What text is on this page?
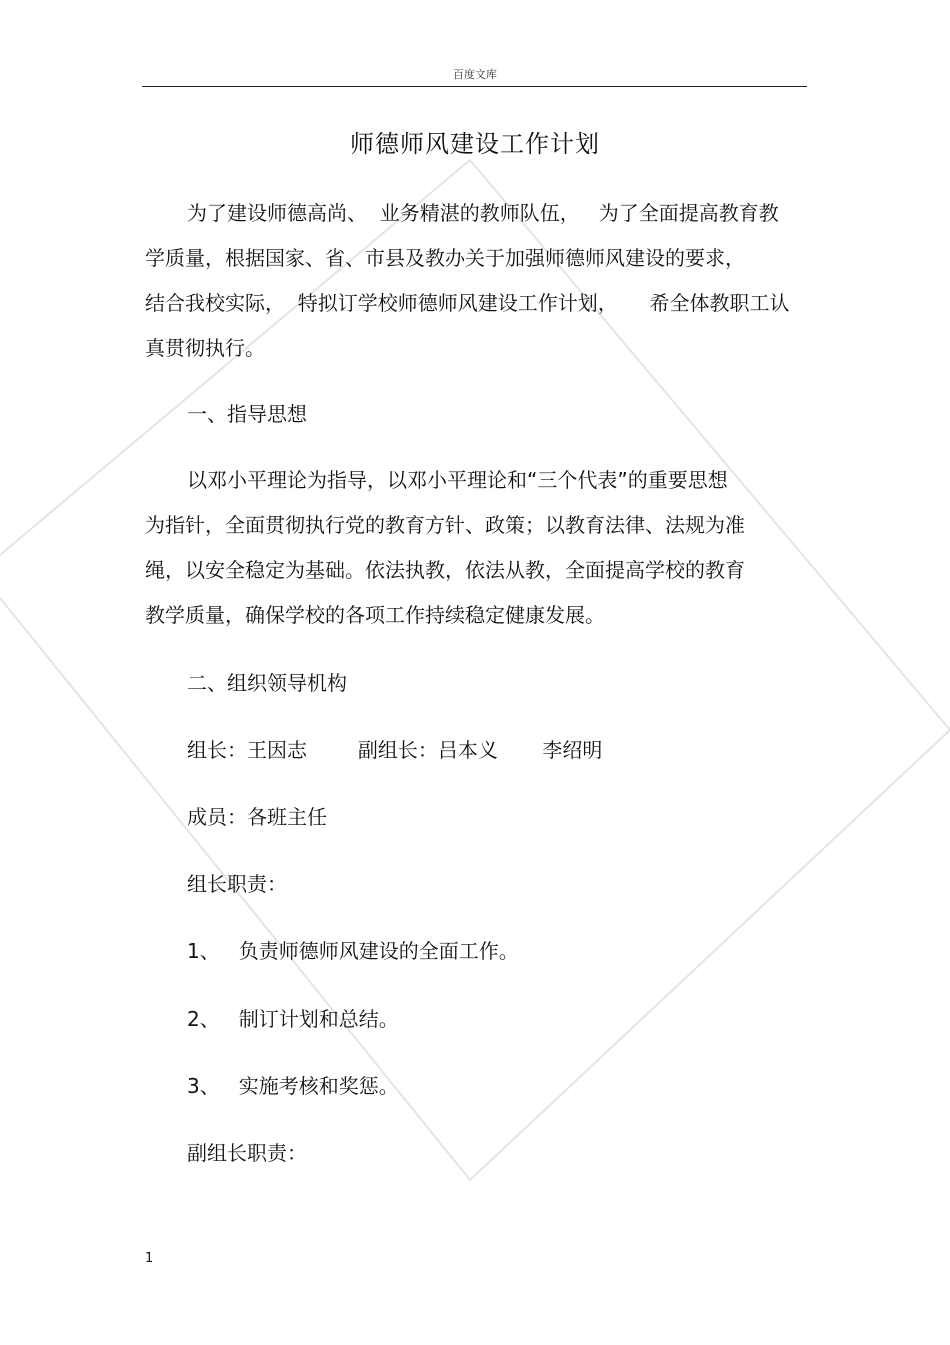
百度文库
师德师风建设工作计划
为了建设师德高尚、  业务精湛的教师队伍，   为了全面提高教育教
学质量，根据国家、省、市县及教办关于加强师德师风建设的要求，
结合我校实际，  特拟订学校师德师风建设工作计划，     希全体教职工认
真贯彻执行。
一、指导思想
以邓小平理论为指导，以邓小平理论和“三个代表”的重要思想
为指针，全面贯彻执行党的教育方针、政策；以教育法律、法规为准
绳，以安全稳定为基础。依法执教，依法从教，全面提高学校的教育
教学质量，确保学校的各项工作持续稳定健康发展。
二、组织领导机构
组长：王因志        副组长：吕本义       李绍明
成员：各班主任
组长职责：
1、   负责师德师风建设的全面工作。
2、   制订计划和总结。
3、   实施考核和奖惩。
副组长职责：
1
